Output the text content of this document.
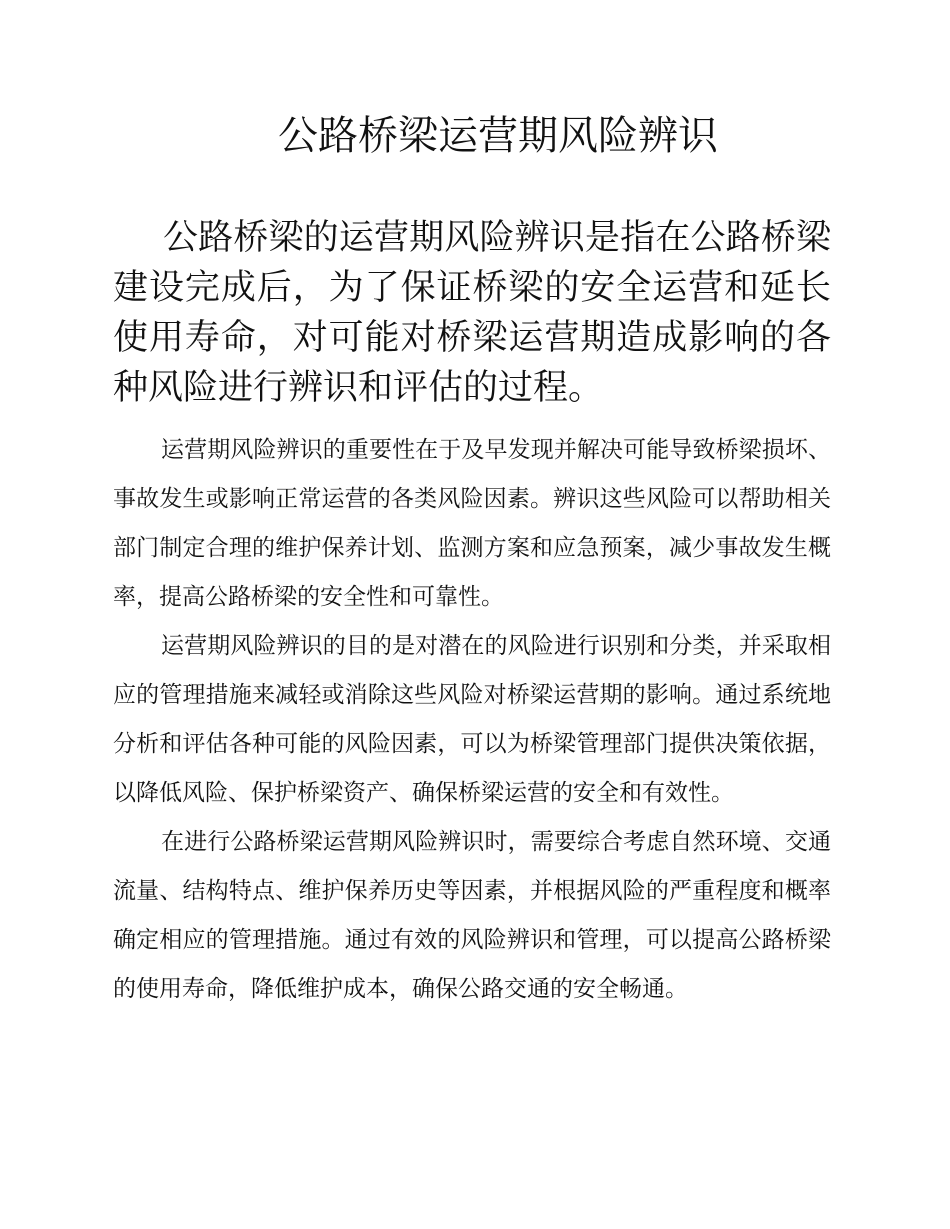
公路桥梁运营期风险辨识

公路桥梁的运营期风险辨识是指在公路桥梁建设完成后，为了保证桥梁的安全运营和延长使用寿命，对可能对桥梁运营期造成影响的各种风险进行辨识和评估的过程。

运营期风险辨识的重要性在于及早发现并解决可能导致桥梁损坏、事故发生或影响正常运营的各类风险因素。辨识这些风险可以帮助相关部门制定合理的维护保养计划、监测方案和应急预案，减少事故发生概率，提高公路桥梁的安全性和可靠性。

运营期风险辨识的目的是对潜在的风险进行识别和分类，并采取相应的管理措施来减轻或消除这些风险对桥梁运营期的影响。通过系统地分析和评估各种可能的风险因素，可以为桥梁管理部门提供决策依据，以降低风险、保护桥梁资产、确保桥梁运营的安全和有效性。

在进行公路桥梁运营期风险辨识时，需要综合考虑自然环境、交通流量、结构特点、维护保养历史等因素，并根据风险的严重程度和概率确定相应的管理措施。通过有效的风险辨识和管理，可以提高公路桥梁的使用寿命，降低维护成本，确保公路交通的安全畅通。
